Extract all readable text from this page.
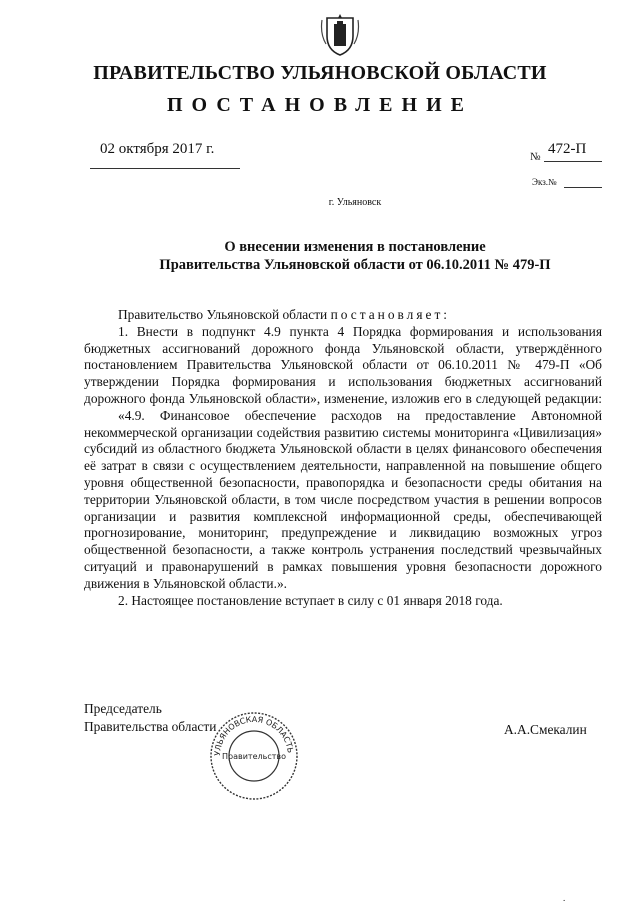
ПРАВИТЕЛЬСТВО УЛЬЯНОВСКОЙ ОБЛАСТИ
ПОСТАНОВЛЕНИЕ
02 октября 2017 г.	№ 472-П
Экз.№
г. Ульяновск
О внесении изменения в постановление
Правительства Ульяновской области от 06.10.2011 № 479-П

Правительство Ульяновской области постановляет:

1. Внести в подпункт 4.9 пункта 4 Порядка формирования и использования бюджетных ассигнований дорожного фонда Ульяновской области, утверждённого постановлением Правительства Ульяновской области от 06.10.2011 № 479-П «Об утверждении Порядка формирования и использования бюджетных ассигнований дорожного фонда Ульяновской области», изменение, изложив его в следующей редакции:

«4.9. Финансовое обеспечение расходов на предоставление Автономной некоммерческой организации содействия развитию системы мониторинга «Цивилизация» субсидий из областного бюджета Ульяновской области в целях финансового обеспечения её затрат в связи с осуществлением деятельности, направленной на повышение общего уровня общественной безопасности, правопорядка и безопасности среды обитания на территории Ульяновской области, в том числе посредством участия в решении вопросов организации и развития комплексной информационной среды, обеспечивающей прогнозирование, мониторинг, предупреждение и ликвидацию возможных угроз общественной безопасности, а также контроль устранения последствий чрезвычайных ситуаций и правонарушений в рамках повышения уровня безопасности дорожного движения в Ульяновской области.».

2. Настоящее постановление вступает в силу с 01 января 2018 года.

Председатель
Правительства области	А.А.Смекалин
УЛЬЯНОВСКАЯ ОБЛАСТЬ
Правительство
.
